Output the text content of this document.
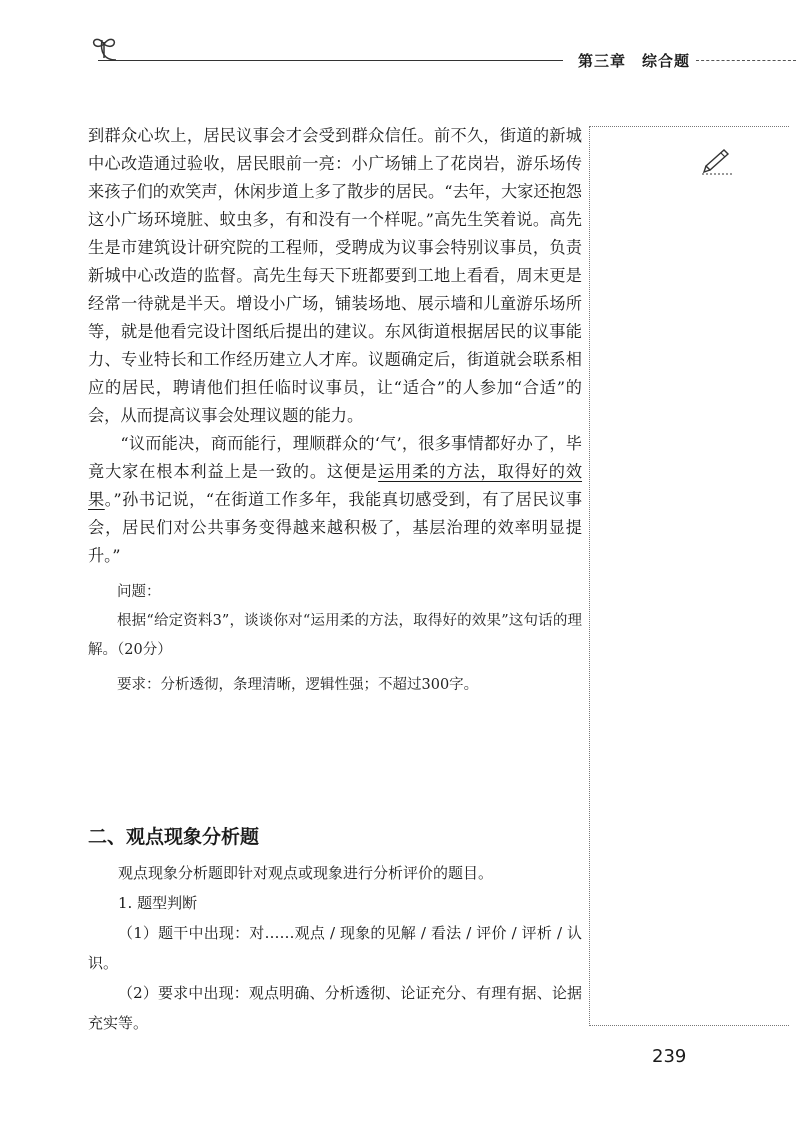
第三章　综合题

到群众心坎上，居民议事会才会受到群众信任。前不久，街道的新城中心改造通过验收，居民眼前一亮：小广场铺上了花岗岩，游乐场传来孩子们的欢笑声，休闲步道上多了散步的居民。“去年，大家还抱怨这小广场环境脏、蚊虫多，有和没有一个样呢。”高先生笑着说。高先生是市建筑设计研究院的工程师，受聘成为议事会特别议事员，负责新城中心改造的监督。高先生每天下班都要到工地上看看，周末更是经常一待就是半天。增设小广场，铺装场地、展示墙和儿童游乐场所等，就是他看完设计图纸后提出的建议。东风街道根据居民的议事能力、专业特长和工作经历建立人才库。议题确定后，街道就会联系相应的居民，聘请他们担任临时议事员，让“适合”的人参加“合适”的会，从而提高议事会处理议题的能力。

“议而能决，商而能行，理顺群众的‘气’，很多事情都好办了，毕竟大家在根本利益上是一致的。这便是运用柔的方法，取得好的效果。”孙书记说，“在街道工作多年，我能真切感受到，有了居民议事会，居民们对公共事务变得越来越积极了，基层治理的效率明显提升。”

问题：

根据“给定资料3”，谈谈你对“运用柔的方法，取得好的效果”这句话的理解。（20分）

要求：分析透彻，条理清晰，逻辑性强；不超过300字。

二、观点现象分析题

观点现象分析题即针对观点或现象进行分析评价的题目。

1. 题型判断

（1）题干中出现：对……观点 / 现象的见解 / 看法 / 评价 / 评析 / 认识。

（2）要求中出现：观点明确、分析透彻、论证充分、有理有据、论据充实等。

239
